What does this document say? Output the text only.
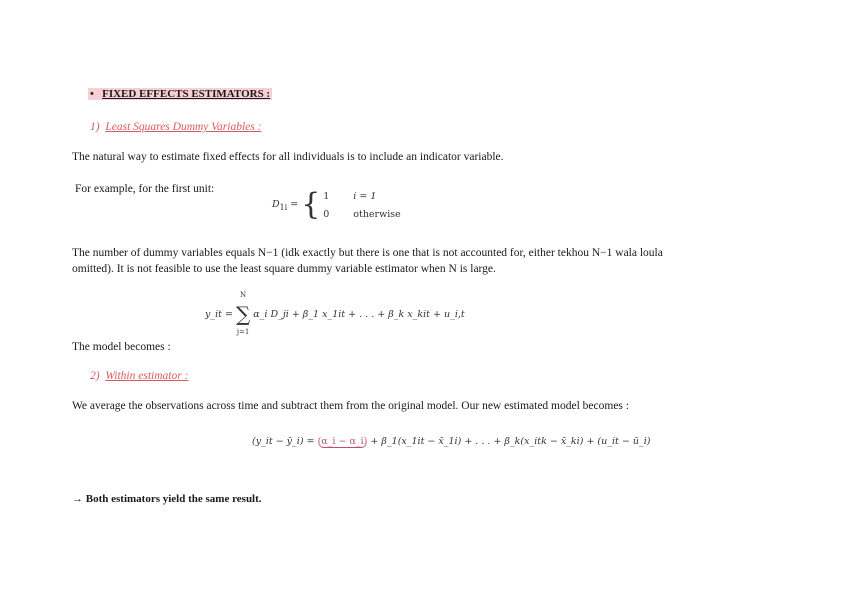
• FIXED EFFECTS ESTIMATORS :
1) Least Squares Dummy Variables :
The natural way to estimate fixed effects for all individuals is to include an indicator variable.
For example, for the first unit:
$D_{1i}$ = { 1	i = 1
0	otherwise
The number of dummy variables equals N−1 (idk exactly but there is one that is not accounted for, either tekhou N−1 wala loula
omitted). It is not feasible to use the least square dummy variable estimator when N is large.
y_it =
N
∑
j=1
α_i D_ji + β_1 x_1it + . . . + β_k x_kit + u_i,t
The model becomes :
2) Within estimator :
We average the observations across time and subtract them from the original model. Our new estimated model becomes :
(y_it − ȳ_i) = (α_i − α_i) + β_1(x_1it − x̄_1i) + . . . + β_k(x_itk − x̄_ki) + (u_it − ū_i)
→ Both estimators yield the same result.
